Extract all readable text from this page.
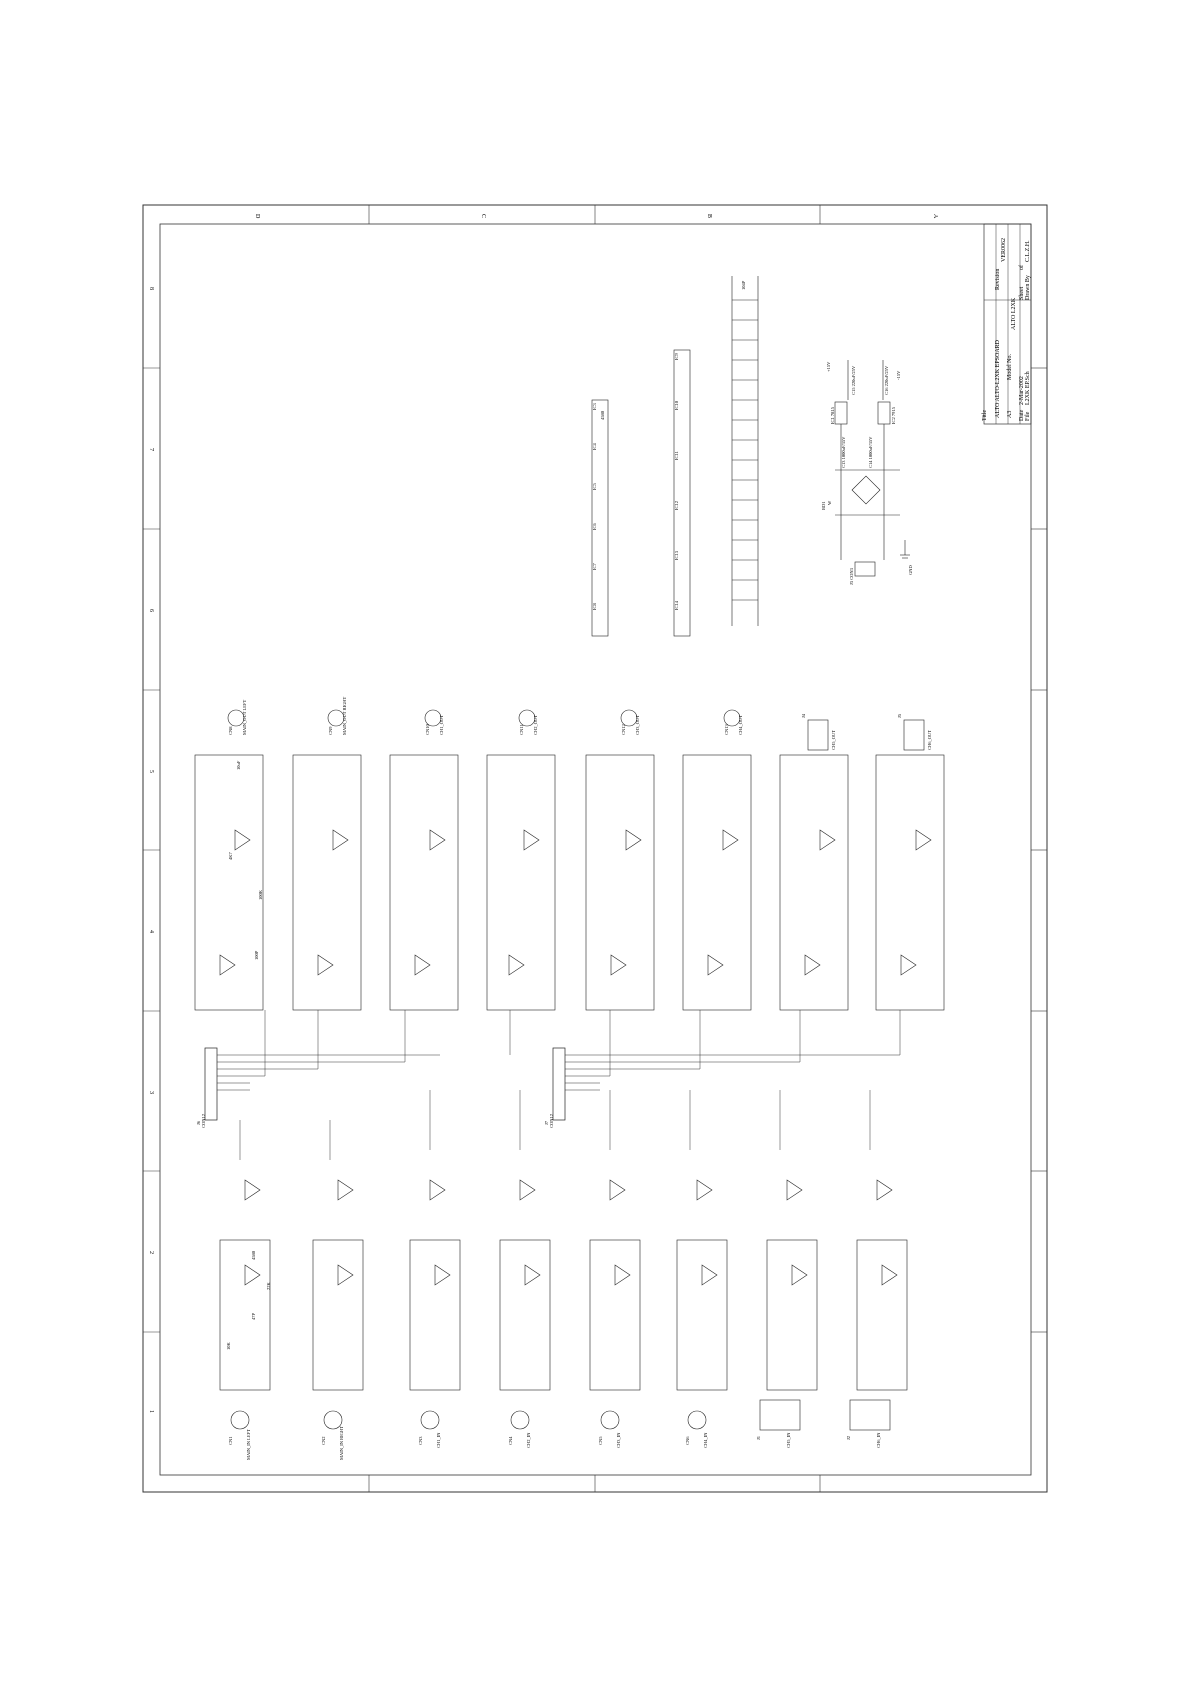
D	C	B	A
8
7
6
5
4
3
2
1
Title ALTO ALTO-L2XK EPSOARD A3
Model No.
ALTO L2XK
Date
2-Mar-2002
File
L2XK EP.Sch
Revision
VER0062
Sheet
of
Drawn By
C.L.Z.H.
+15V
-15V
IC1 7815	IC2 7915
BD1 W
C13 1000uF/35V	C14 1000uF/35V
C15 220uF/25V	C16 220uF/25V
J3 CON3	GND
IC3
IC4
IC5
IC6
IC7
IC8
IC9
IC10
IC11
IC12
IC13
IC14
4580
104P
J6 CON12	J7 CON12
CN8 MAIN_OUT LEFT	CN9 MAIN_OUT RIGHT	CN10 CH1_OUT	CN11 CH2_OUT	CN12 CH3_OUT	CN13 CH4_OUT	J4
CH5_OUT
J5
CH6_OUT
CN1	MAIN_IN LEFT	CN2	MAIN_IN RIGHT	CN3	CH1_IN	CN4	CH2_IN	CN5	CH3_IN	CN6	CH4_IN	J1	CH5_IN	J2	CH6_IN
10K
22K
47P
4580
10uF
4K7
100K
100P
